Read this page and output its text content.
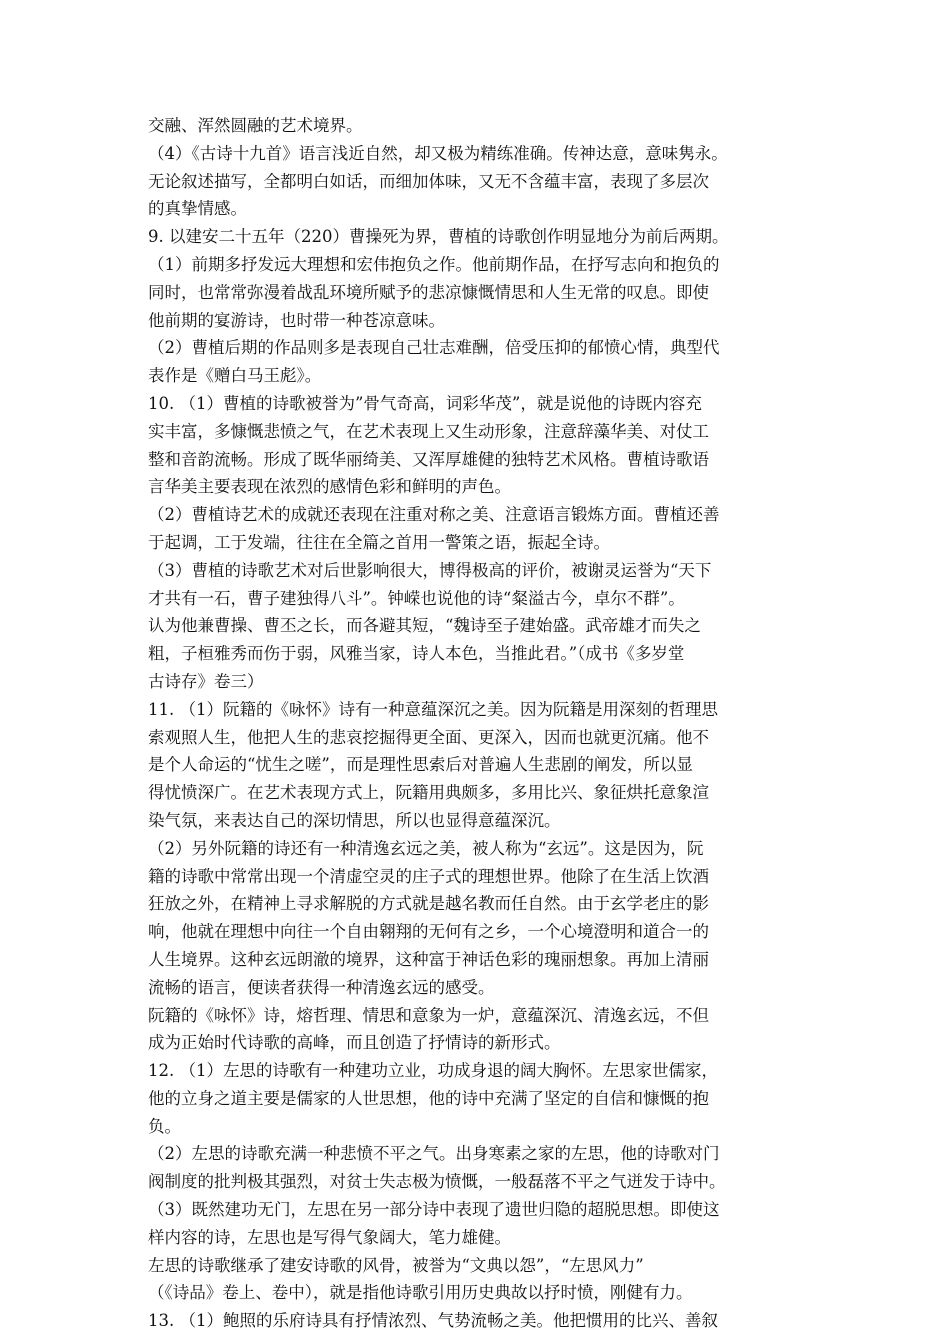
交融、浑然圆融的艺术境界。
（4）《古诗十九首》语言浅近自然，却又极为精练准确。传神达意，意味隽永。
无论叙述描写，全都明白如话，而细加体味，又无不含蕴丰富，表现了多层次
的真挚情感。
9. 以建安二十五年（220）曹操死为界，曹植的诗歌创作明显地分为前后两期。
（1）前期多抒发远大理想和宏伟抱负之作。他前期作品，在抒写志向和抱负的
同时，也常常弥漫着战乱环境所赋予的悲凉慷慨情思和人生无常的叹息。即使
他前期的宴游诗，也时带一种苍凉意味。
（2）曹植后期的作品则多是表现自己壮志难酬，倍受压抑的郁愤心情，典型代
表作是《赠白马王彪》。
10. （1）曹植的诗歌被誉为”骨气奇高，词彩华茂”，就是说他的诗既内容充
实丰富，多慷慨悲愤之气，在艺术表现上又生动形象，注意辞藻华美、对仗工
整和音韵流畅。形成了既华丽绮美、又浑厚雄健的独特艺术风格。曹植诗歌语
言华美主要表现在浓烈的感情色彩和鲜明的声色。
（2）曹植诗艺术的成就还表现在注重对称之美、注意语言锻炼方面。曹植还善
于起调，工于发端，往往在全篇之首用一警策之语，振起全诗。
（3）曹植的诗歌艺术对后世影响很大，博得极高的评价，被谢灵运誉为“天下
才共有一石，曹子建独得八斗”。钟嵘也说他的诗“粲溢古今，卓尔不群”。
认为他兼曹操、曹丕之长，而各避其短，“魏诗至子建始盛。武帝雄才而失之
粗，子桓雅秀而伤于弱，风雅当家，诗人本色，当推此君。”（成书《多岁堂
古诗存》卷三）
11. （1）阮籍的《咏怀》诗有一种意蕴深沉之美。因为阮籍是用深刻的哲理思
索观照人生，他把人生的悲哀挖掘得更全面、更深入，因而也就更沉痛。他不
是个人命运的“忧生之嗟”，而是理性思索后对普遍人生悲剧的阐发，所以显
得忧愤深广。在艺术表现方式上，阮籍用典颇多，多用比兴、象征烘托意象渲
染气氛，来表达自己的深切情思，所以也显得意蕴深沉。
（2）另外阮籍的诗还有一种清逸玄远之美，被人称为“玄远”。这是因为，阮
籍的诗歌中常常出现一个清虚空灵的庄子式的理想世界。他除了在生活上饮酒
狂放之外，在精神上寻求解脱的方式就是越名教而任自然。由于玄学老庄的影
响，他就在理想中向往一个自由翱翔的无何有之乡，一个心境澄明和道合一的
人生境界。这种玄远朗澈的境界，这种富于神话色彩的瑰丽想象。再加上清丽
流畅的语言，便读者获得一种清逸玄远的感受。
阮籍的《咏怀》诗，熔哲理、情思和意象为一炉，意蕴深沉、清逸玄远，不但
成为正始时代诗歌的高峰，而且创造了抒情诗的新形式。
12. （1）左思的诗歌有一种建功立业，功成身退的阔大胸怀。左思家世儒家，
他的立身之道主要是儒家的人世思想，他的诗中充满了坚定的自信和慷慨的抱
负。
（2）左思的诗歌充满一种悲愤不平之气。出身寒素之家的左思，他的诗歌对门
阀制度的批判极其强烈，对贫士失志极为愤慨，一般磊落不平之气迸发于诗中。
（3）既然建功无门，左思在另一部分诗中表现了遗世归隐的超脱思想。即使这
样内容的诗，左思也是写得气象阔大，笔力雄健。
左思的诗歌继承了建安诗歌的风骨，被誉为“文典以怨”，“左思风力”
（《诗品》卷上、卷中），就是指他诗歌引用历史典故以抒时愤，刚健有力。
13. （1）鲍照的乐府诗具有抒情浓烈、气势流畅之美。他把惯用的比兴、善叙
